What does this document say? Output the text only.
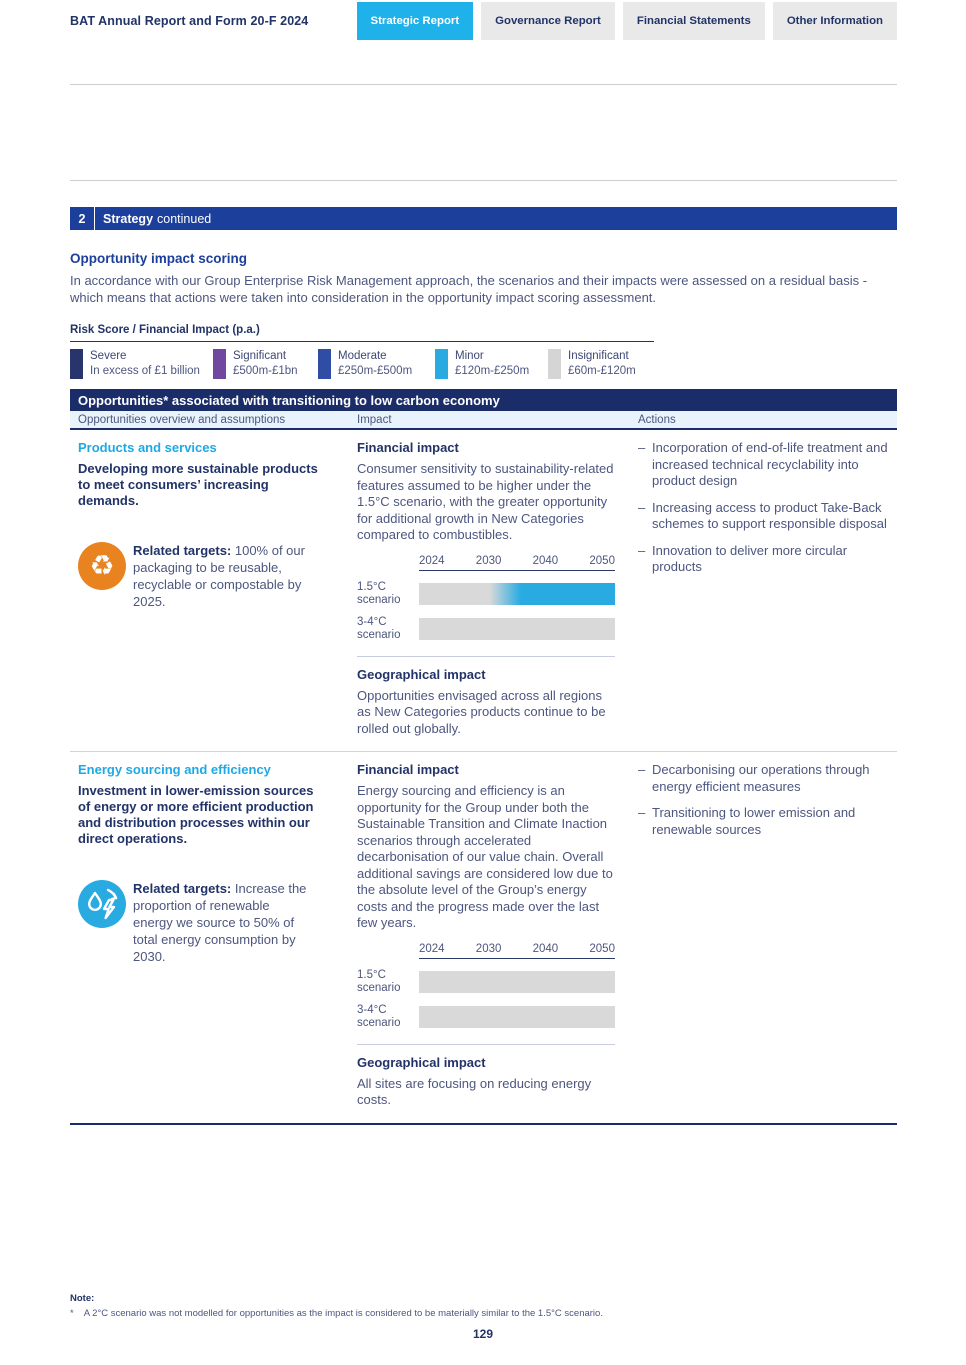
BAT Annual Report and Form 20-F 2024	Strategic Report	Governance Report	Financial Statements	Other Information
2	Strategy continued
Opportunity impact scoring
In accordance with our Group Enterprise Risk Management approach, the scenarios and their impacts were assessed on a residual basis - which means that actions were taken into consideration in the opportunity impact scoring assessment.
Risk Score / Financial Impact (p.a.)
Severe
In excess of £1 billion
Significant
£500m-£1bn
Moderate
£250m-£500m
Minor
£120m-£250m
Insignificant
£60m-£120m
Opportunities* associated with transitioning to low carbon economy
Opportunities overview and assumptions	Impact	Actions
Products and services
Developing more sustainable products to meet consumers’ increasing demands.
♻ Related targets: 100% of our packaging to be reusable, recyclable or compostable by 2025.
Financial impact
Consumer sensitivity to sustainability-related features assumed to be higher under the 1.5°C scenario, with the greater opportunity for additional growth in New Categories compared to combustibles.
2024	2030	2040	2050
1.5°C scenario
3-4°C scenario
Geographical impact
Opportunities envisaged across all regions as New Categories products continue to be rolled out globally.
–
Incorporation of end-of-life treatment and increased technical recyclability into product design
–
Increasing access to product Take-Back schemes to support responsible disposal
–
Innovation to deliver more circular products
Energy sourcing and efficiency
Investment in lower-emission sources of energy or more efficient production and distribution processes within our direct operations.
Related targets: Increase the proportion of renewable energy we source to 50% of total energy consumption by 2030.
Financial impact
Energy sourcing and efficiency is an opportunity for the Group under both the Sustainable Transition and Climate Inaction scenarios through accelerated decarbonisation of our value chain. Overall additional savings are considered low due to the absolute level of the Group’s energy costs and the progress made over the last few years.
2024	2030	2040	2050
1.5°C scenario
3-4°C scenario
Geographical impact
All sites are focusing on reducing energy costs.
–
Decarbonising our operations through energy efficient measures
–
Transitioning to lower emission and renewable sources
Note:
* A 2°C scenario was not modelled for opportunities as the impact is considered to be materially similar to the 1.5°C scenario.
129
